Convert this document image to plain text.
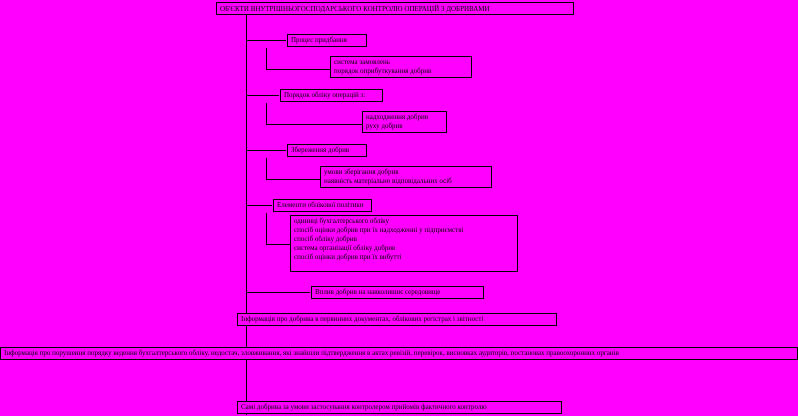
ОБ'ЄКТИ ВНУТРІШНЬОГОСПОДАРСЬКОГО КОНТРОЛЮ ОПЕРАЦІЙ З ДОБРИВАМИ
Процес придбання
система замовлень
порядок оприбуткування добрив
Порядок обліку операцій з:
надходження добрив
руху добрив
Збереження добрив
умови зберігання добрив
наявність матеріально відповідальних осіб
Елементи облікової політики
одиниці бухгалтерського обліку
спосіб оцінки добрив при їх надходженні у підприємстві
спосіб обліку добрив
система організації обліку добрив
спосіб оцінки добрив при їх вибутті
Вплив добрив на навколишнє середовище
Інформація про добрива в первинних документах, облікових регістрах і звітності
Інформація про порушення порядку ведення бухгалтерського обліку, недостач, зловживання, які знайшли підтвердження в актах ревізій, перевірок, висновках аудиторів, постановах правоохоронних органів
Самі добрива за умови застосування контролером прийомів фактичного контролю
